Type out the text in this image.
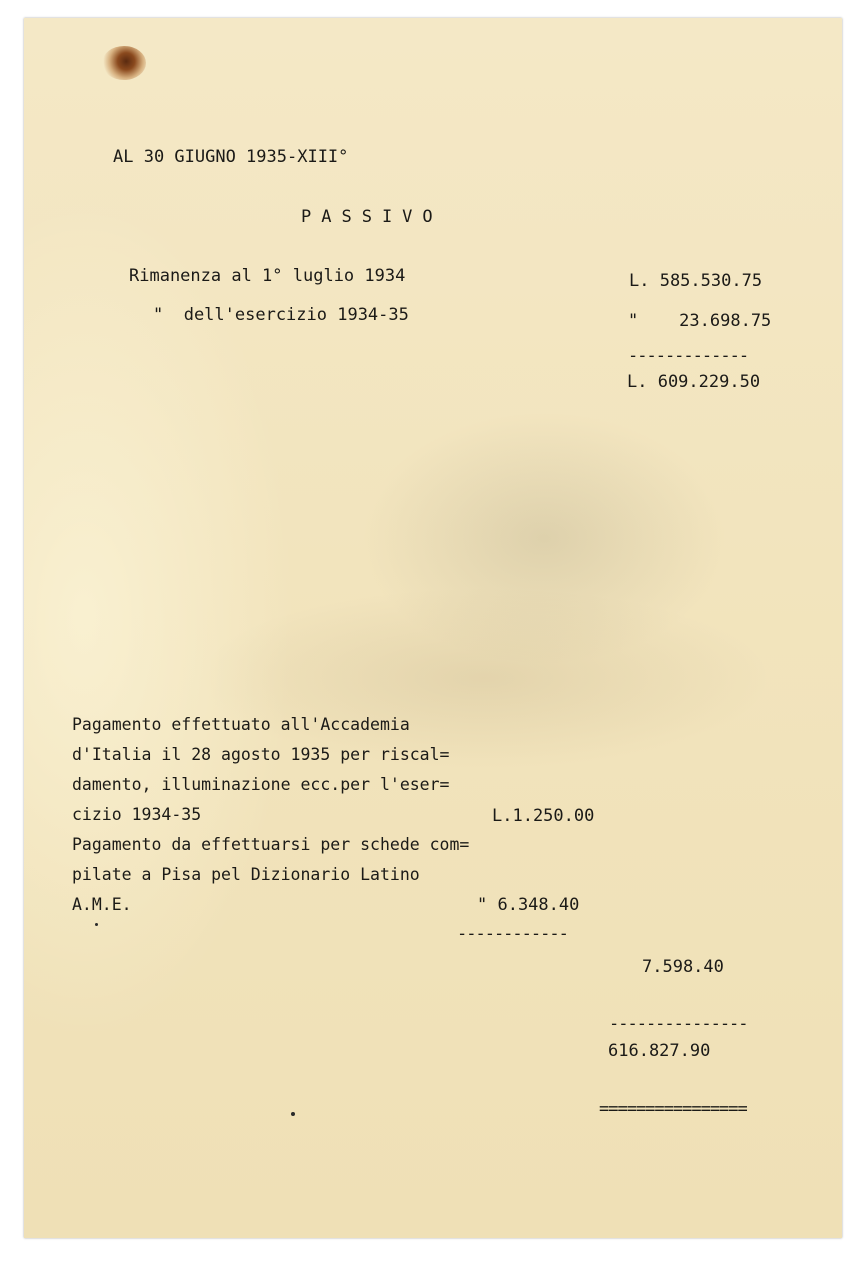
AL 30 GIUGNO 1935-XIII°
PASSIVO
Rimanenza al 1° luglio 1934	L. 585.530.75
"  dell'esercizio 1934-35	"    23.698.75
-------------
L. 609.229.50
Pagamento effettuato all'Accademia
d'Italia il 28 agosto 1935 per riscal=
damento, illuminazione ecc.per l'eser=
cizio 1934-35
Pagamento da effettuarsi per schede com=
pilate a Pisa pel Dizionario Latino
A.M.E.
L.1.250.00
" 6.348.40
------------
7.598.40
---------------
616.827.90
================
